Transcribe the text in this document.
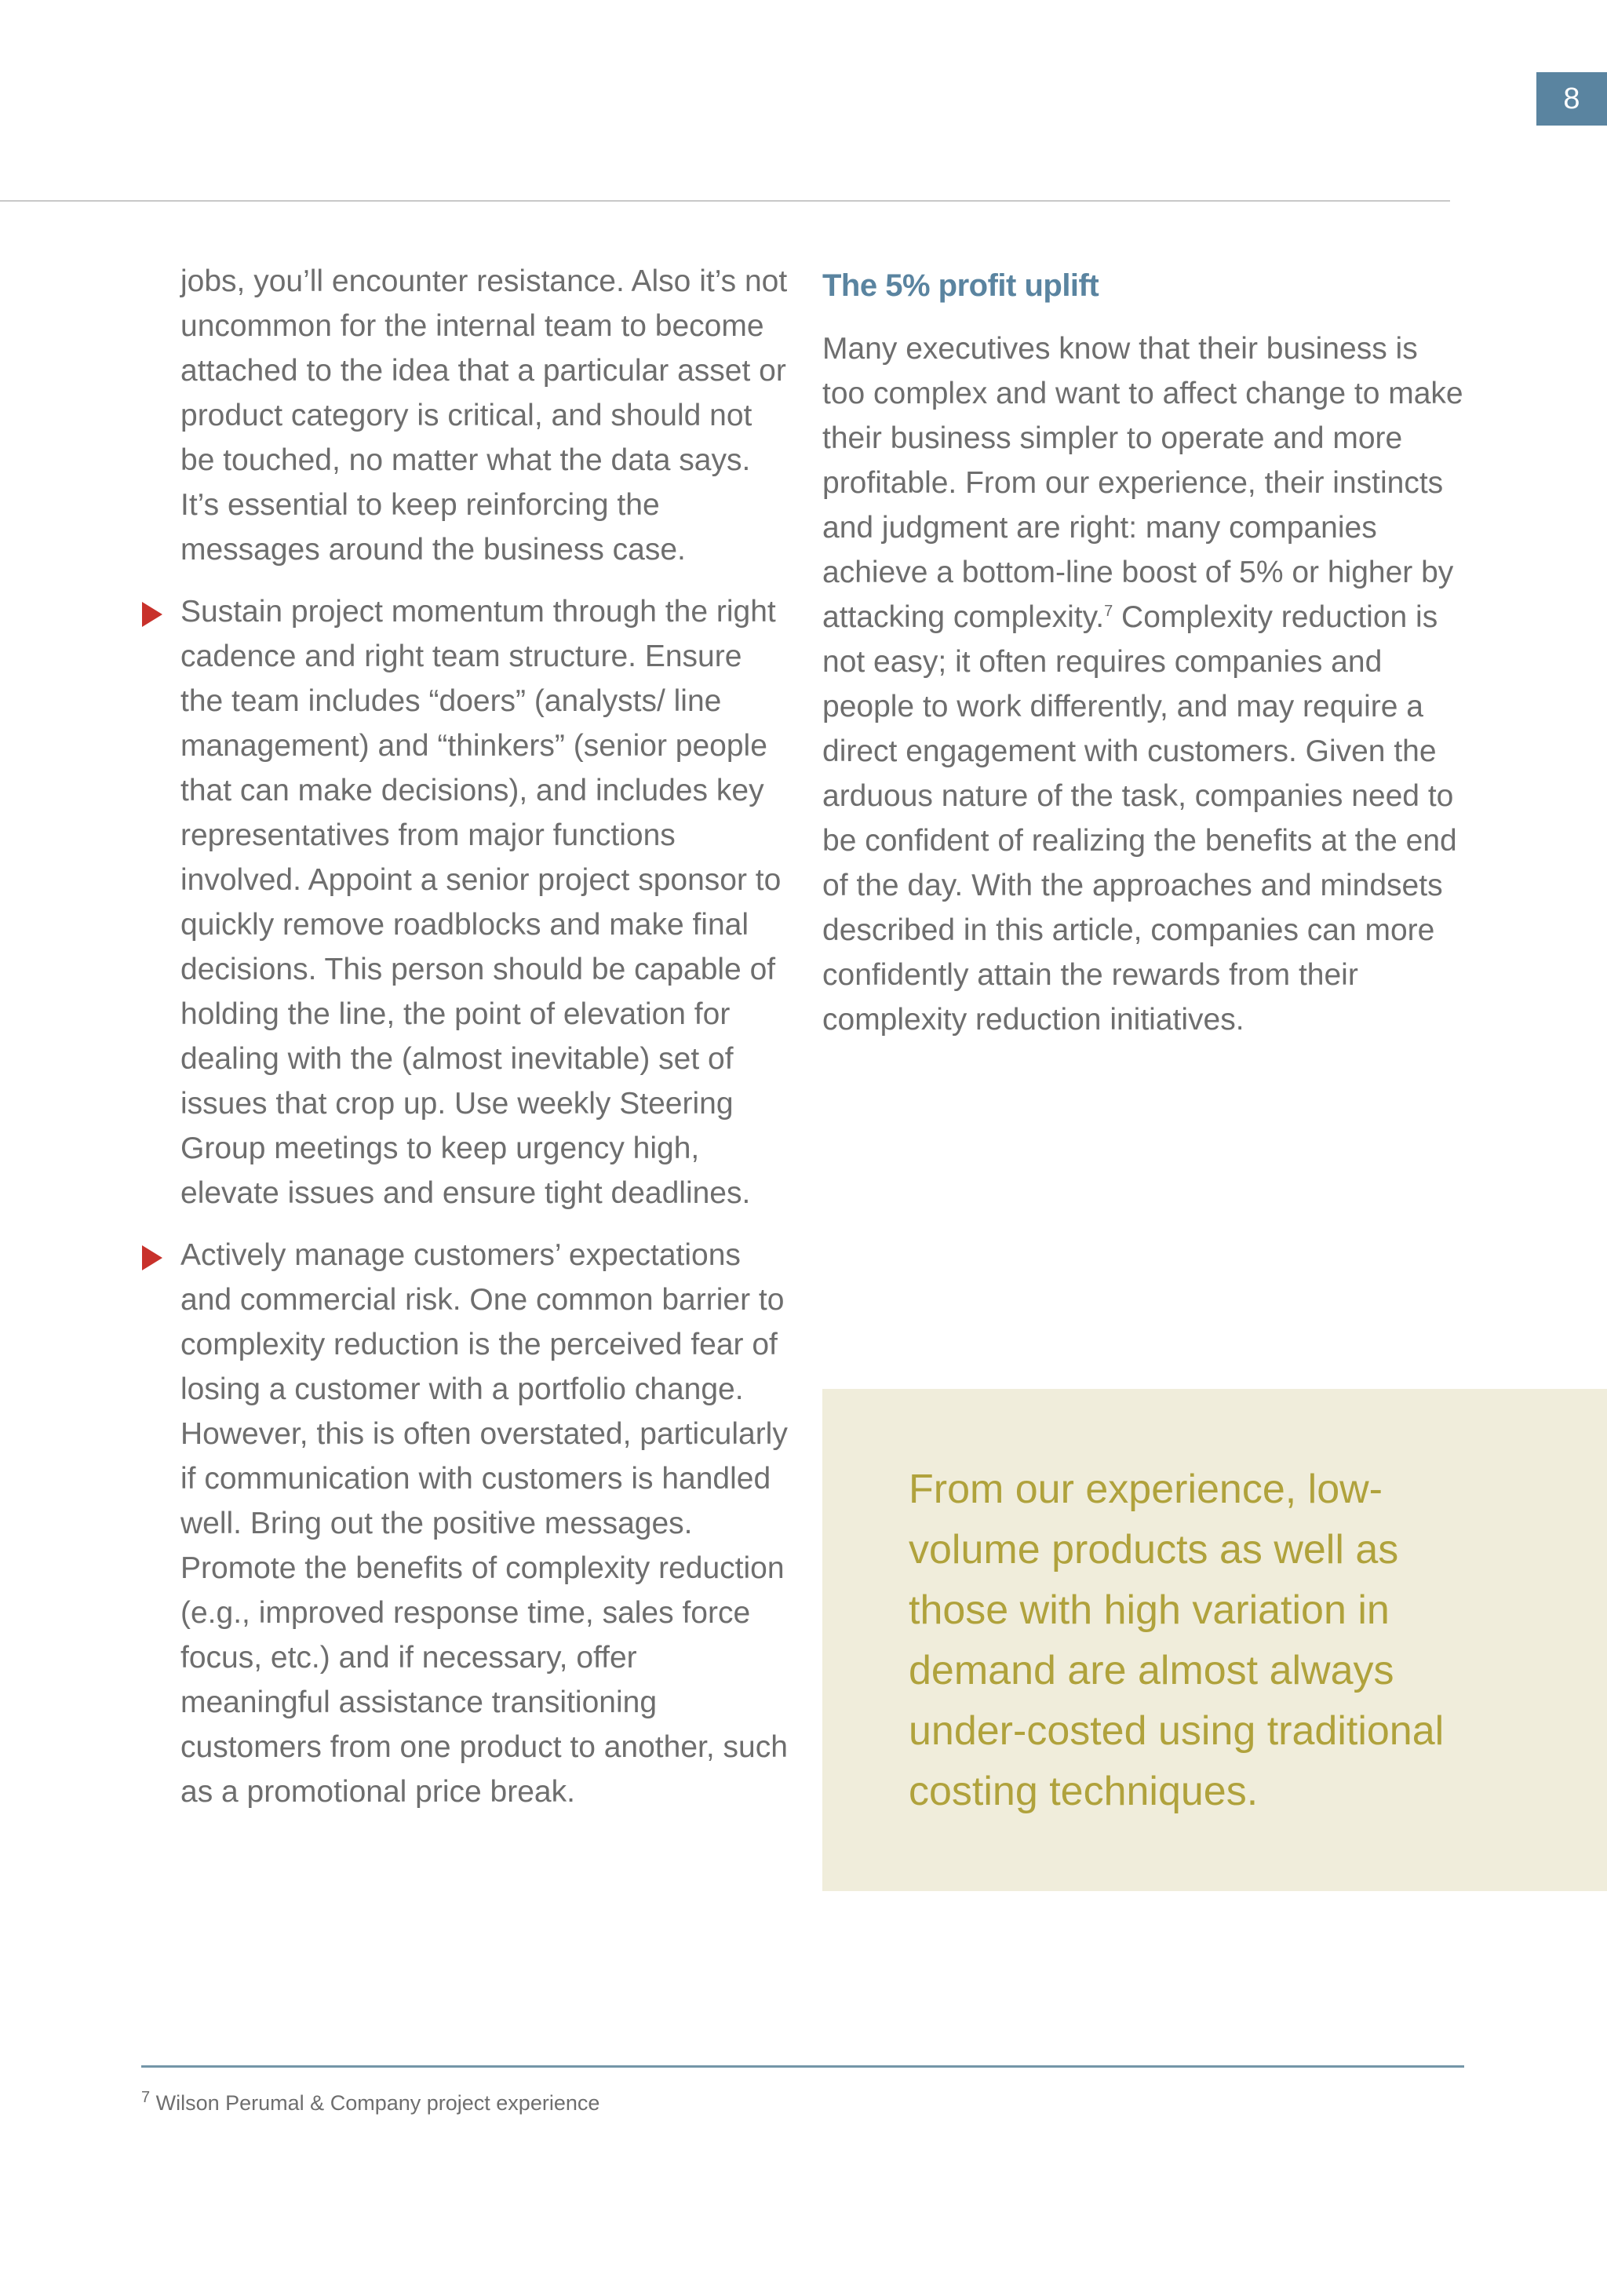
8

jobs, you’ll encounter resistance. Also it’s not uncommon for the internal team to become attached to the idea that a particular asset or product category is critical, and should not be touched, no matter what the data says. It’s essential to keep reinforcing the messages around the business case.

Sustain project momentum through the right cadence and right team structure. Ensure the team includes “doers” (analysts/ line management) and “thinkers” (senior people that can make decisions), and includes key representatives from major functions involved. Appoint a senior project sponsor to quickly remove roadblocks and make final decisions. This person should be capable of holding the line, the point of elevation for dealing with the (almost inevitable) set of issues that crop up. Use weekly Steering Group meetings to keep urgency high, elevate issues and ensure tight deadlines.
Actively manage customers’ expectations and commercial risk. One common barrier to complexity reduction is the perceived fear of losing a customer with a portfolio change. However, this is often overstated, particularly if communication with customers is handled well. Bring out the positive messages. Promote the benefits of complexity reduction (e.g., improved response time, sales force focus, etc.) and if necessary, offer meaningful assistance transitioning customers from one product to another, such as a promotional price break.
The 5% profit uplift

Many executives know that their business is too complex and want to affect change to make their business simpler to operate and more profitable. From our experience, their instincts and judgment are right: many companies achieve a bottom-line boost of 5% or higher by attacking complexity.$^7$ Complexity reduction is not easy; it often requires companies and people to work differently, and may require a direct engagement with customers. Given the arduous nature of the task, companies need to be confident of realizing the benefits at the end of the day. With the approaches and mindsets described in this article, companies can more confidently attain the rewards from their complexity reduction initiatives.

From our experience, low-volume products as well as those with high variation in demand are almost always under-costed using traditional costing techniques.

$^7$ Wilson Perumal & Company project experience
